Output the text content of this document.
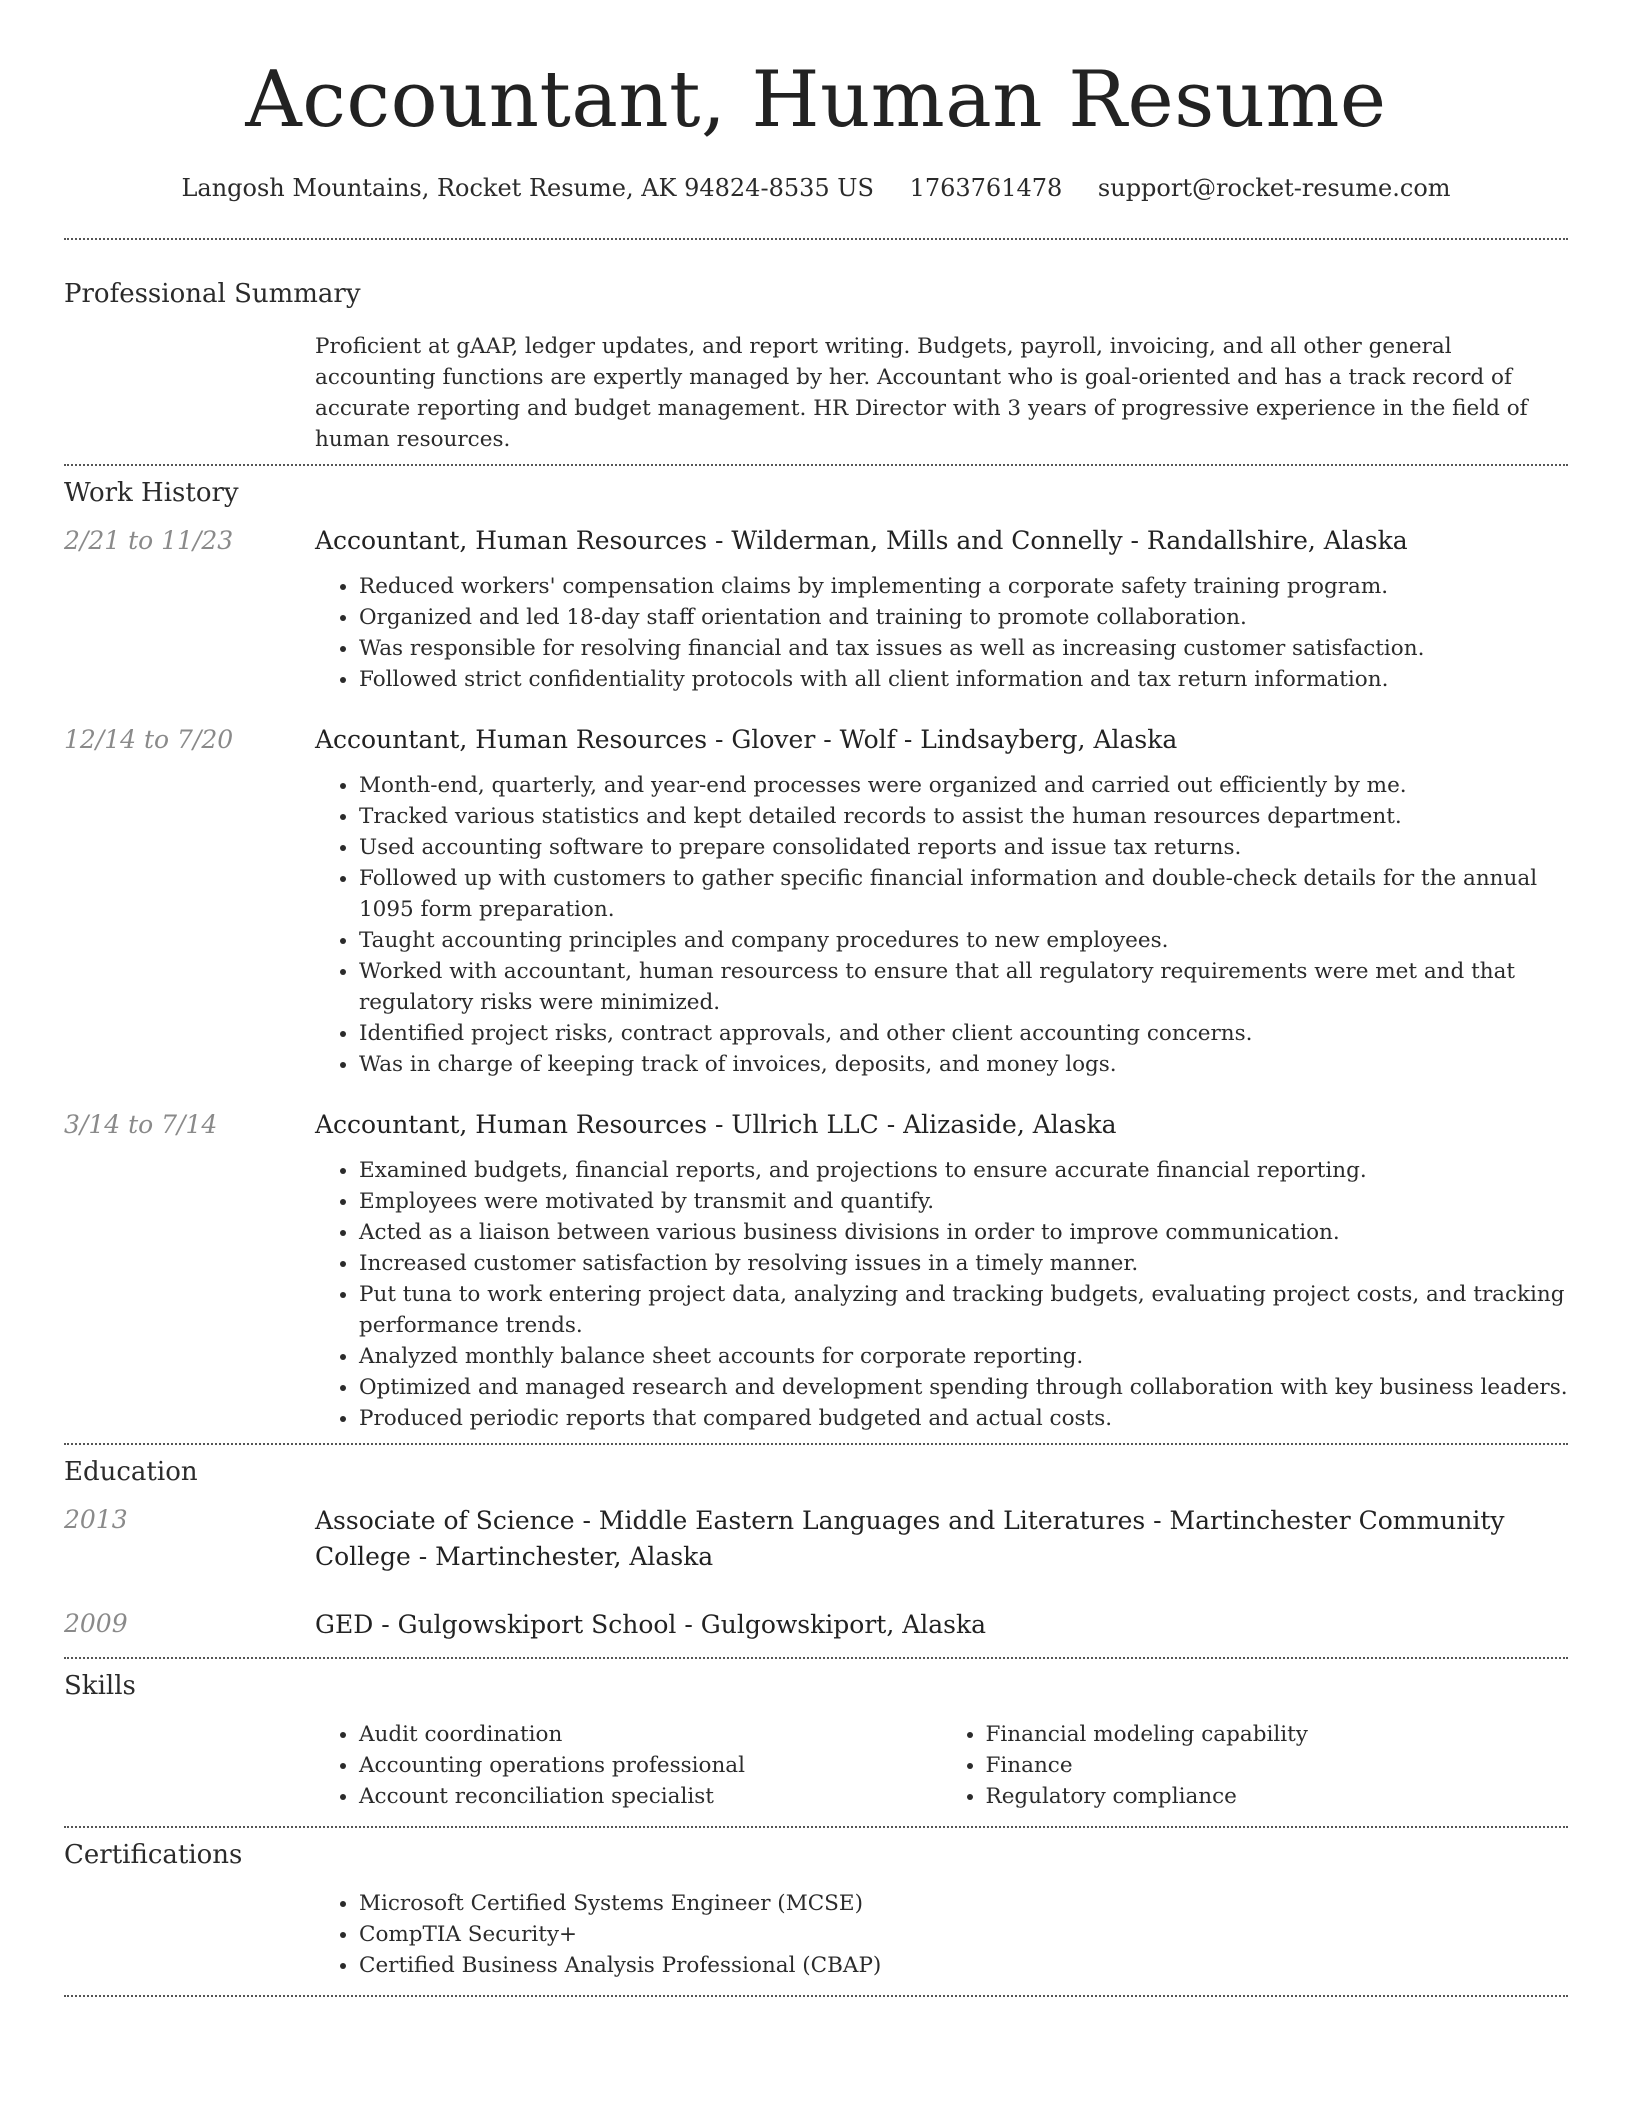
Accountant, Human Resume
Langosh Mountains, Rocket Resume, AK 94824-8535 US 1763761478 support@rocket-resume.com
Professional Summary
Proficient at gAAP, ledger updates, and report writing. Budgets, payroll, invoicing, and all other general accounting functions are expertly managed by her. Accountant who is goal-oriented and has a track record of accurate reporting and budget management. HR Director with 3 years of progressive experience in the field of human resources.
Work History
2/21 to 11/23	Accountant, Human Resources - Wilderman, Mills and Connelly - Randallshire, Alaska
• Reduced workers' compensation claims by implementing a corporate safety training program.
• Organized and led 18-day staff orientation and training to promote collaboration.
• Was responsible for resolving financial and tax issues as well as increasing customer satisfaction.
• Followed strict confidentiality protocols with all client information and tax return information.
12/14 to 7/20	Accountant, Human Resources - Glover - Wolf - Lindsayberg, Alaska
• Month-end, quarterly, and year-end processes were organized and carried out efficiently by me.
• Tracked various statistics and kept detailed records to assist the human resources department.
• Used accounting software to prepare consolidated reports and issue tax returns.
• Followed up with customers to gather specific financial information and double-check details for the annual 1095 form preparation.
• Taught accounting principles and company procedures to new employees.
• Worked with accountant, human resourcess to ensure that all regulatory requirements were met and that regulatory risks were minimized.
• Identified project risks, contract approvals, and other client accounting concerns.
• Was in charge of keeping track of invoices, deposits, and money logs.
3/14 to 7/14	Accountant, Human Resources - Ullrich LLC - Alizaside, Alaska
• Examined budgets, financial reports, and projections to ensure accurate financial reporting.
• Employees were motivated by transmit and quantify.
• Acted as a liaison between various business divisions in order to improve communication.
• Increased customer satisfaction by resolving issues in a timely manner.
• Put tuna to work entering project data, analyzing and tracking budgets, evaluating project costs, and tracking performance trends.
• Analyzed monthly balance sheet accounts for corporate reporting.
• Optimized and managed research and development spending through collaboration with key business leaders.
• Produced periodic reports that compared budgeted and actual costs.
Education
2013	Associate of Science - Middle Eastern Languages and Literatures - Martinchester Community College - Martinchester, Alaska
2009	GED - Gulgowskiport School - Gulgowskiport, Alaska
Skills
• Audit coordination
• Accounting operations professional
• Account reconciliation specialist
• Financial modeling capability
• Finance
• Regulatory compliance
Certifications
• Microsoft Certified Systems Engineer (MCSE)
• CompTIA Security+
• Certified Business Analysis Professional (CBAP)
